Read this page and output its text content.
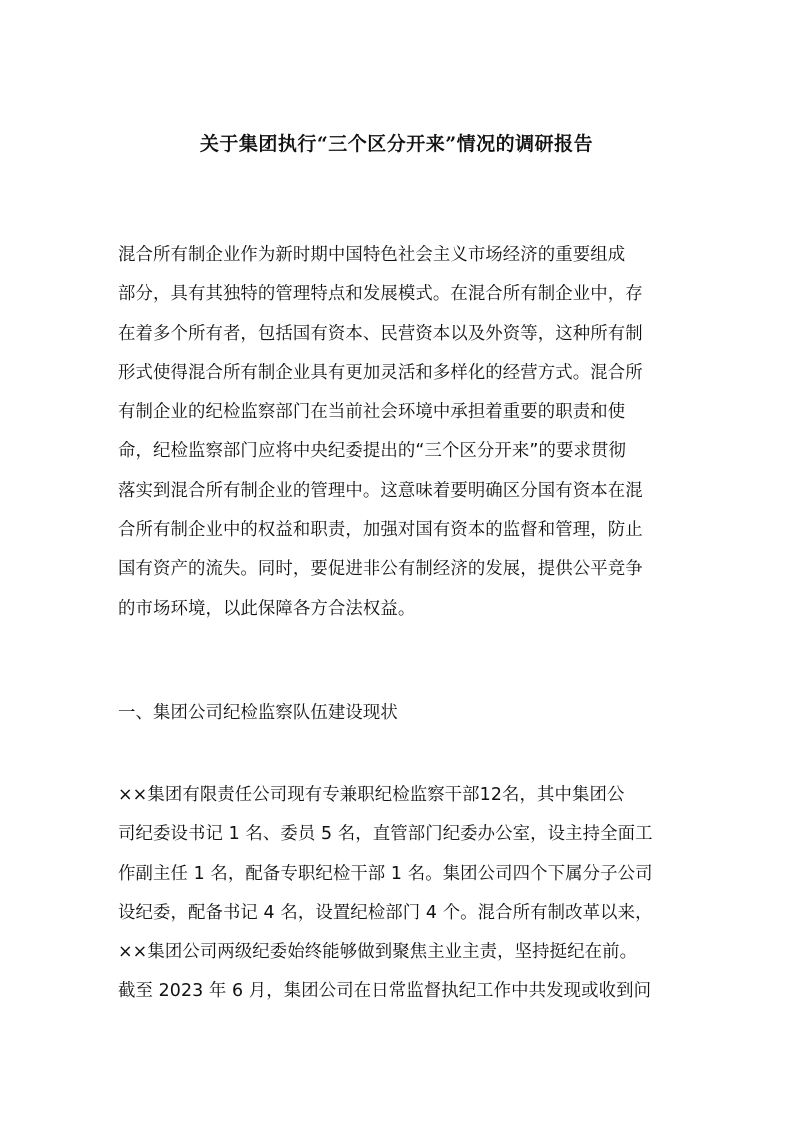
关于集团执行“三个区分开来”情况的调研报告
混合所有制企业作为新时期中国特色社会主义市场经济的重要组成
部分，具有其独特的管理特点和发展模式。在混合所有制企业中，存
在着多个所有者，包括国有资本、民营资本以及外资等，这种所有制
形式使得混合所有制企业具有更加灵活和多样化的经营方式。混合所
有制企业的纪检监察部门在当前社会环境中承担着重要的职责和使
命，纪检监察部门应将中央纪委提出的“三个区分开来”的要求贯彻
落实到混合所有制企业的管理中。这意味着要明确区分国有资本在混
合所有制企业中的权益和职责，加强对国有资本的监督和管理，防止
国有资产的流失。同时，要促进非公有制经济的发展，提供公平竞争
的市场环境，以此保障各方合法权益。
一、集团公司纪检监察队伍建设现状
××集团有限责任公司现有专兼职纪检监察干部12名，其中集团公
司纪委设书记 1 名、委员 5 名，直管部门纪委办公室，设主持全面工
作副主任 1 名，配备专职纪检干部 1 名。集团公司四个下属分子公司
设纪委，配备书记 4 名，设置纪检部门 4 个。混合所有制改革以来，
××集团公司两级纪委始终能够做到聚焦主业主责，坚持挺纪在前。
截至 2023 年 6 月，集团公司在日常监督执纪工作中共发现或收到问
